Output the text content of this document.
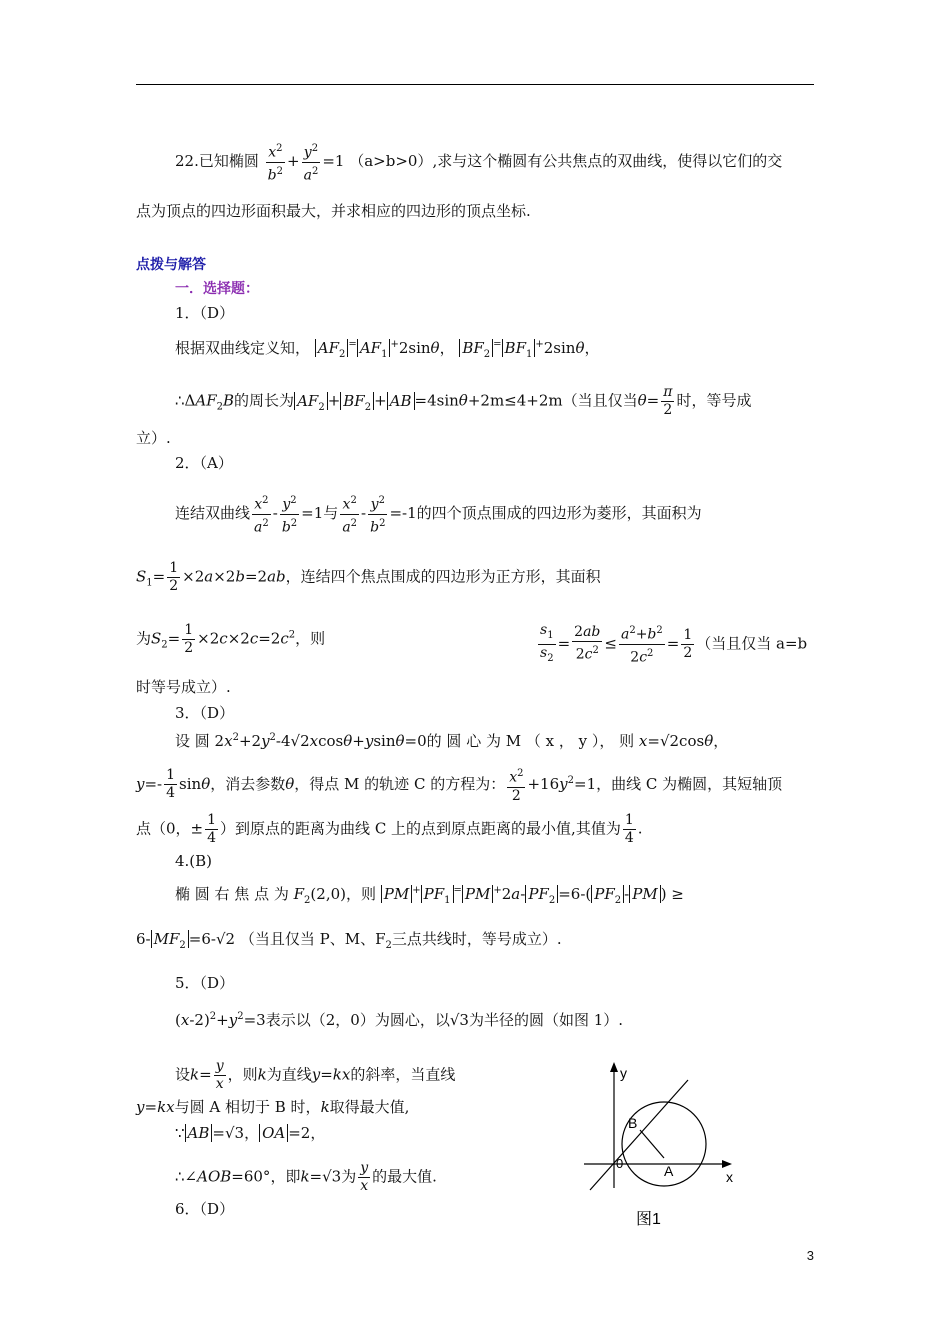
22.已知椭圆 $\frac{x^2}{b^2} + \frac{y^2}{a^2} =1$ （a>b>0）,求与这个椭圆有公共焦点的双曲线，使得以它们的交
点为顶点的四边形面积最大，并求相应的四边形的顶点坐标.
点拨与解答
一．选择题：
1．（D）
根据双曲线定义知， $AF_2^=$ $AF_1^+2\sin\theta$， $BF_2^=$ $BF_1^+2\sin\theta$，
$\therefore\Delta AF_2B$的周长为 $AF_2 + BF_2$ + AB =4sinθ+2m≤4+2m（当且仅当$\theta= \frac{\pi}{2}$ 时，等号成
立）.
2．（A）
连结双曲线 $\frac{x^2}{a^2} - \frac{y^2}{b^2} =1$与 $\frac{x^2}{a^2} - \frac{y^2}{b^2} =-1$的四个顶点围成的四边形为菱形，其面积为
$S_1= \frac{1}{2} \times 2a\times 2b=2ab$，连结四个焦点围成的四边形为正方形，其面积
为$S_2= \frac{1}{2} \times 2c\times 2c=2c^2$，则	$\frac{s_1}{s_2} = \frac{2ab}{2c^2} \le \frac{a^2+b^2}{2c^2} = \frac{1}{2}$ （当且仅当 a=b
时等号成立）.
3．（D）
设 圆 $2x^2+2y^2-4√2xcos\theta+ysin\theta=0$的 圆 心 为 M （ x ， y ）， 则 x=√2cosθ，
$y=- \frac{1}{4}$ sinθ，消去参数θ，得点 M 的轨迹 C 的方程为： $\frac{x^2}{2} +16y^2=1$，曲线 C 为椭圆，其短轴顶
点（0，± $\frac{1}{4}$ ）到原点的距离为曲线 C 上的点到原点距离的最小值,其值为 $\frac{1}{4}$ .
4.(B)
椭 圆 右 焦 点 为 $F_2(2,0)$，则 PM + $PF_1^=$ PM +2a- $PF_2 =6-$( $PF_2$ - PM ) ≥
6- $MF_2 =6-√2$ （当且仅当 P、M、$F_2$三点共线时，等号成立）.
5．（D）
$(x-2)^2+y^2=3$表示以（2，0）为圆心，以√3为半径的圆（如图 1）.
设$k= \frac{y}{x}$ ，则k为直线y=kx的斜率，当直线
y=kx与圆 A 相切于 B 时，k取得最大值,
∵ AB =√3， OA =2，
∴∠AOB=60°，即k=√3为 $\frac{y}{x}$ 的最大值.
6．（D）
y
x
0
B
A
图1
3
